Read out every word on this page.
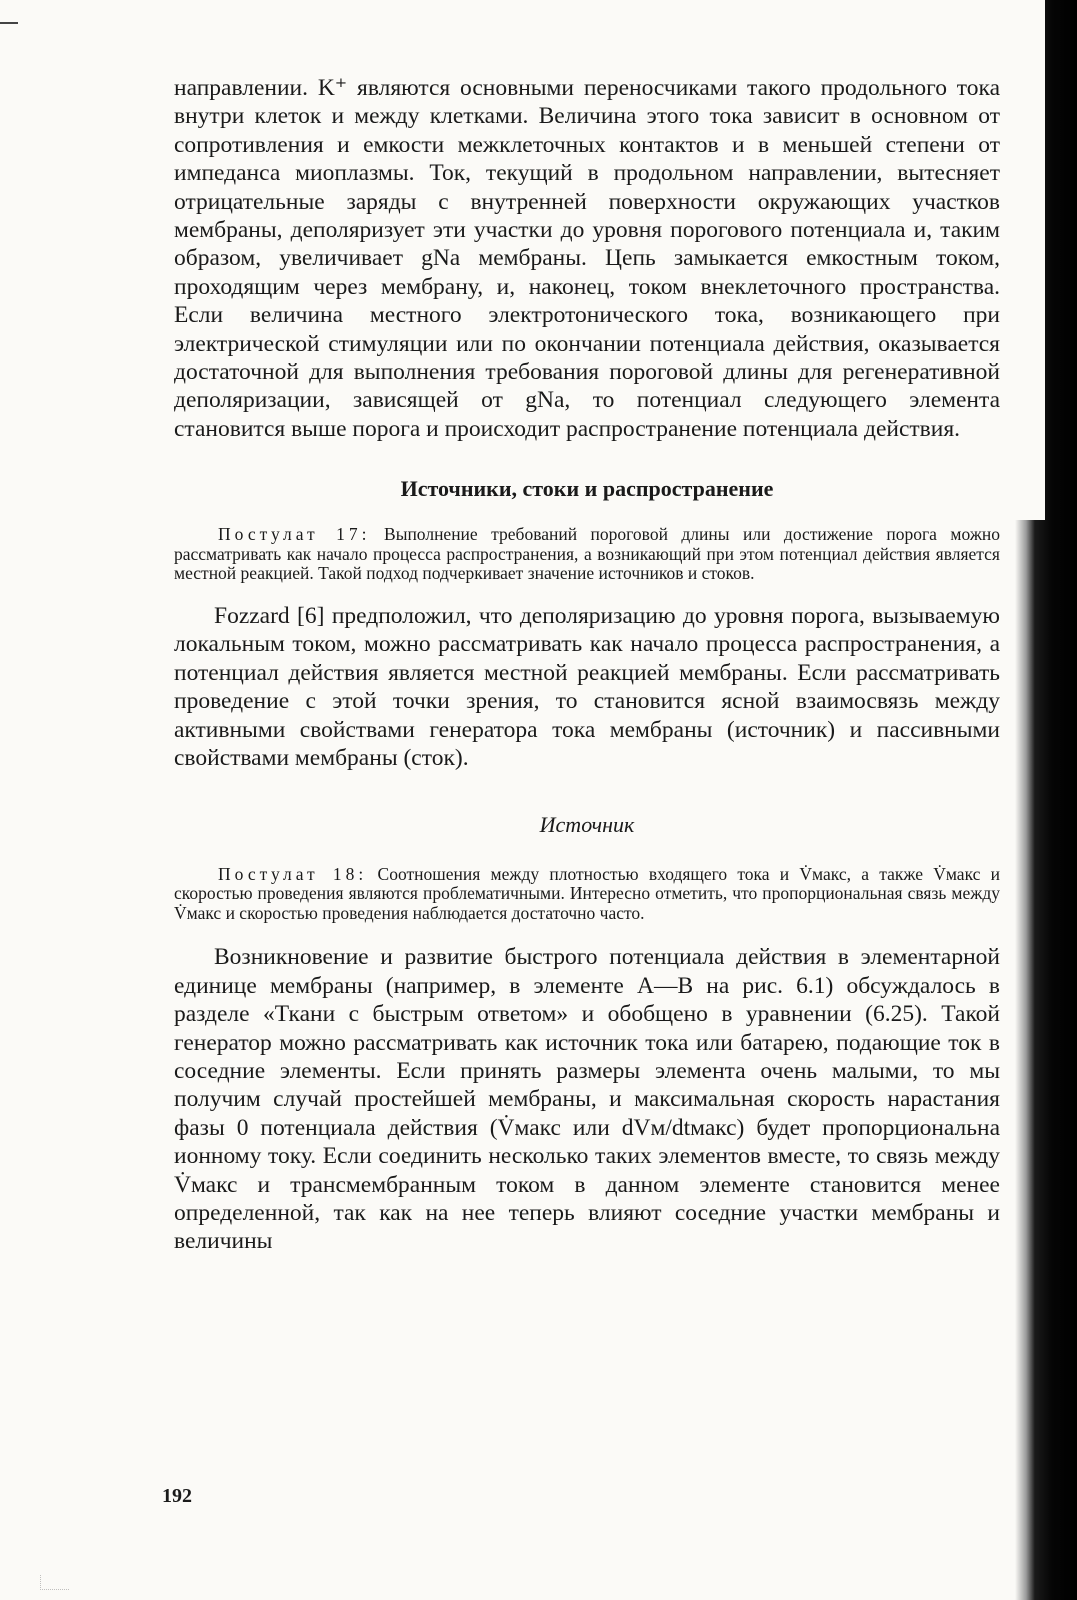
направлении. K⁺ являются основными переносчиками такого продольного тока внутри клеток и между клетками. Величина этого тока зависит в основном от сопротивления и емкости межклеточных контактов и в меньшей степени от импеданса миоплазмы. Ток, текущий в продольном направлении, вытесняет отрицательные заряды с внутренней поверхности окружающих участков мембраны, деполяризует эти участки до уровня порогового потенциала и, таким образом, увеличивает gNa мембраны. Цепь замыкается емкостным током, проходящим через мембрану, и, наконец, током внеклеточного пространства. Если величина местного электротонического тока, возникающего при электрической стимуляции или по окончании потенциала действия, оказывается достаточной для выполнения требования пороговой длины для регенеративной деполяризации, зависящей от gNa, то потенциал следующего элемента становится выше порога и происходит распространение потенциала действия.

Источники, стоки и распространение

Постулат 17: Выполнение требований пороговой длины или достижение порога можно рассматривать как начало процесса распространения, а возникающий при этом потенциал действия является местной реакцией. Такой подход подчеркивает значение источников и стоков.

Fozzard [6] предположил, что деполяризацию до уровня порога, вызываемую локальным током, можно рассматривать как начало процесса распространения, а потенциал действия является местной реакцией мембраны. Если рассматривать проведение с этой точки зрения, то становится ясной взаимосвязь между активными свойствами генератора тока мембраны (источник) и пассивными свойствами мембраны (сток).

Источник

Постулат 18: Соотношения между плотностью входящего тока и V̇макс, а также V̇макс и скоростью проведения являются проблематичными. Интересно отметить, что пропорциональная связь между V̇макс и скоростью проведения наблюдается достаточно часто.

Возникновение и развитие быстрого потенциала действия в элементарной единице мембраны (например, в элементе A—B на рис. 6.1) обсуждалось в разделе «Ткани с быстрым ответом» и обобщено в уравнении (6.25). Такой генератор можно рассматривать как источник тока или батарею, подающие ток в соседние элементы. Если принять размеры элемента очень малыми, то мы получим случай простейшей мембраны, и максимальная скорость нарастания фазы 0 потенциала действия (V̇макс или dVм/dtмакс) будет пропорциональна ионному току. Если соединить несколько таких элементов вместе, то связь между V̇макс и трансмембранным током в данном элементе становится менее определенной, так как на нее теперь влияют соседние участки мембраны и величины

192
